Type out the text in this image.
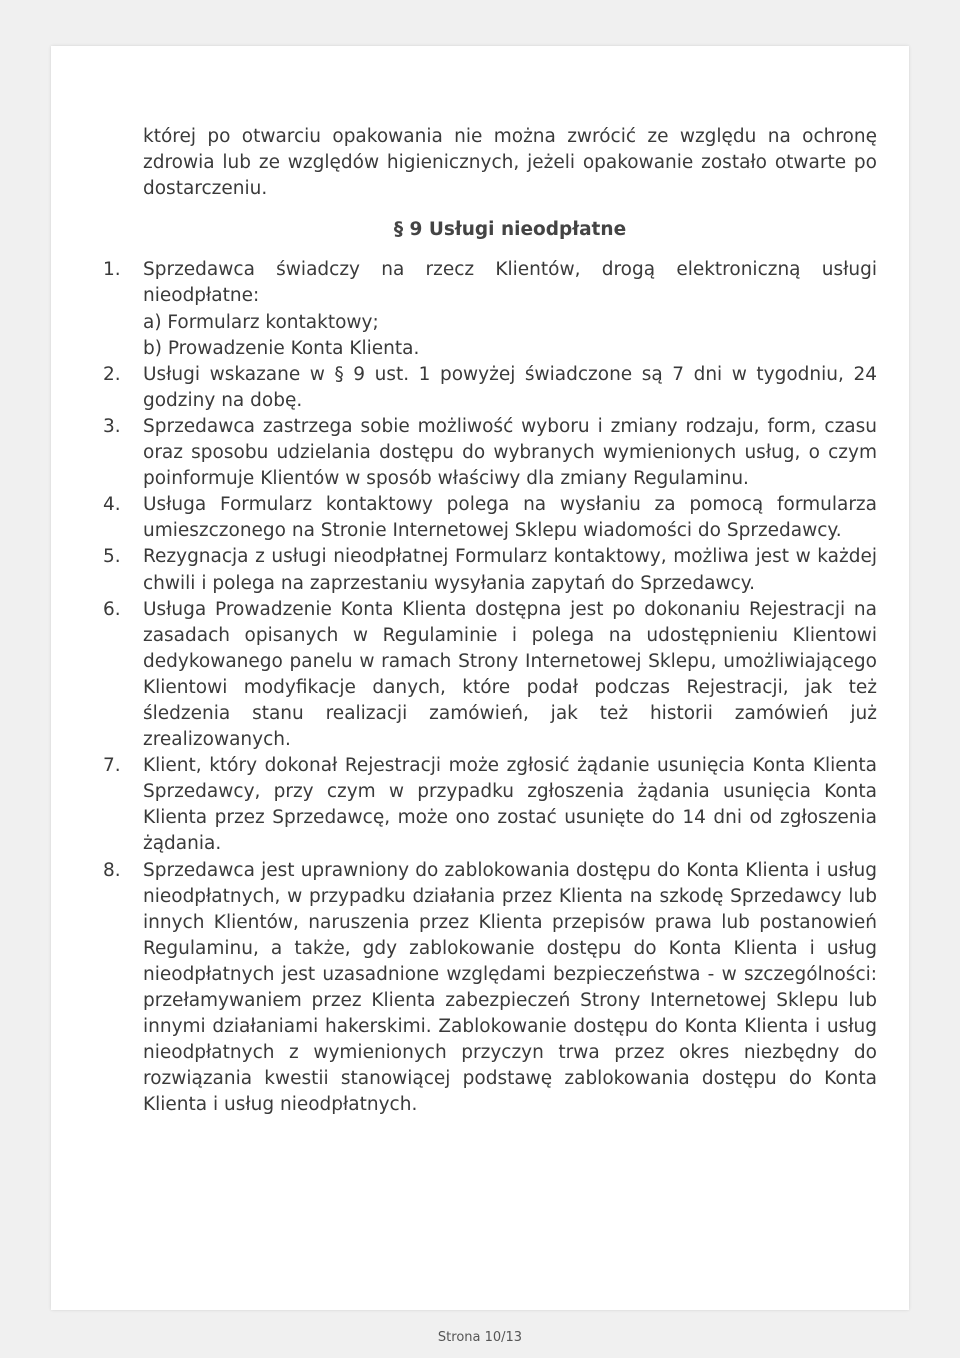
której po otwarciu opakowania nie można zwrócić ze względu na ochronę zdrowia lub ze względów higienicznych, jeżeli opakowanie zostało otwarte po dostarczeniu.

§ 9 Usługi nieodpłatne
1. Sprzedawca świadczy na rzecz Klientów, drogą elektroniczną usługi nieodpłatne:
a) Formularz kontaktowy;
b) Prowadzenie Konta Klienta.
2. Usługi wskazane w § 9 ust. 1 powyżej świadczone są 7 dni w tygodniu, 24 godziny na dobę.
3. Sprzedawca zastrzega sobie możliwość wyboru i zmiany rodzaju, form, czasu oraz sposobu udzielania dostępu do wybranych wymienionych usług, o czym poinformuje Klientów w sposób właściwy dla zmiany Regulaminu.
4. Usługa Formularz kontaktowy polega na wysłaniu za pomocą formularza umieszczonego na Stronie Internetowej Sklepu wiadomości do Sprzedawcy.
5. Rezygnacja z usługi nieodpłatnej Formularz kontaktowy, możliwa jest w każdej chwili i polega na zaprzestaniu wysyłania zapytań do Sprzedawcy.
6. Usługa Prowadzenie Konta Klienta dostępna jest po dokonaniu Rejestracji na zasadach opisanych w Regulaminie i polega na udostępnieniu Klientowi dedykowanego panelu w ramach Strony Internetowej Sklepu, umożliwiającego Klientowi modyfikacje danych, które podał podczas Rejestracji, jak też śledzenia stanu realizacji zamówień, jak też historii zamówień już zrealizowanych.
7. Klient, który dokonał Rejestracji może zgłosić żądanie usunięcia Konta Klienta Sprzedawcy, przy czym w przypadku zgłoszenia żądania usunięcia Konta Klienta przez Sprzedawcę, może ono zostać usunięte do 14 dni od zgłoszenia żądania.
8. Sprzedawca jest uprawniony do zablokowania dostępu do Konta Klienta i usług nieodpłatnych, w przypadku działania przez Klienta na szkodę Sprzedawcy lub innych Klientów, naruszenia przez Klienta przepisów prawa lub postanowień Regulaminu, a także, gdy zablokowanie dostępu do Konta Klienta i usług nieodpłatnych jest uzasadnione względami bezpieczeństwa - w szczególności: przełamywaniem przez Klienta zabezpieczeń Strony Internetowej Sklepu lub innymi działaniami hakerskimi. Zablokowanie dostępu do Konta Klienta i usług nieodpłatnych z wymienionych przyczyn trwa przez okres niezbędny do rozwiązania kwestii stanowiącej podstawę zablokowania dostępu do Konta Klienta i usług nieodpłatnych.
Strona 10/13
